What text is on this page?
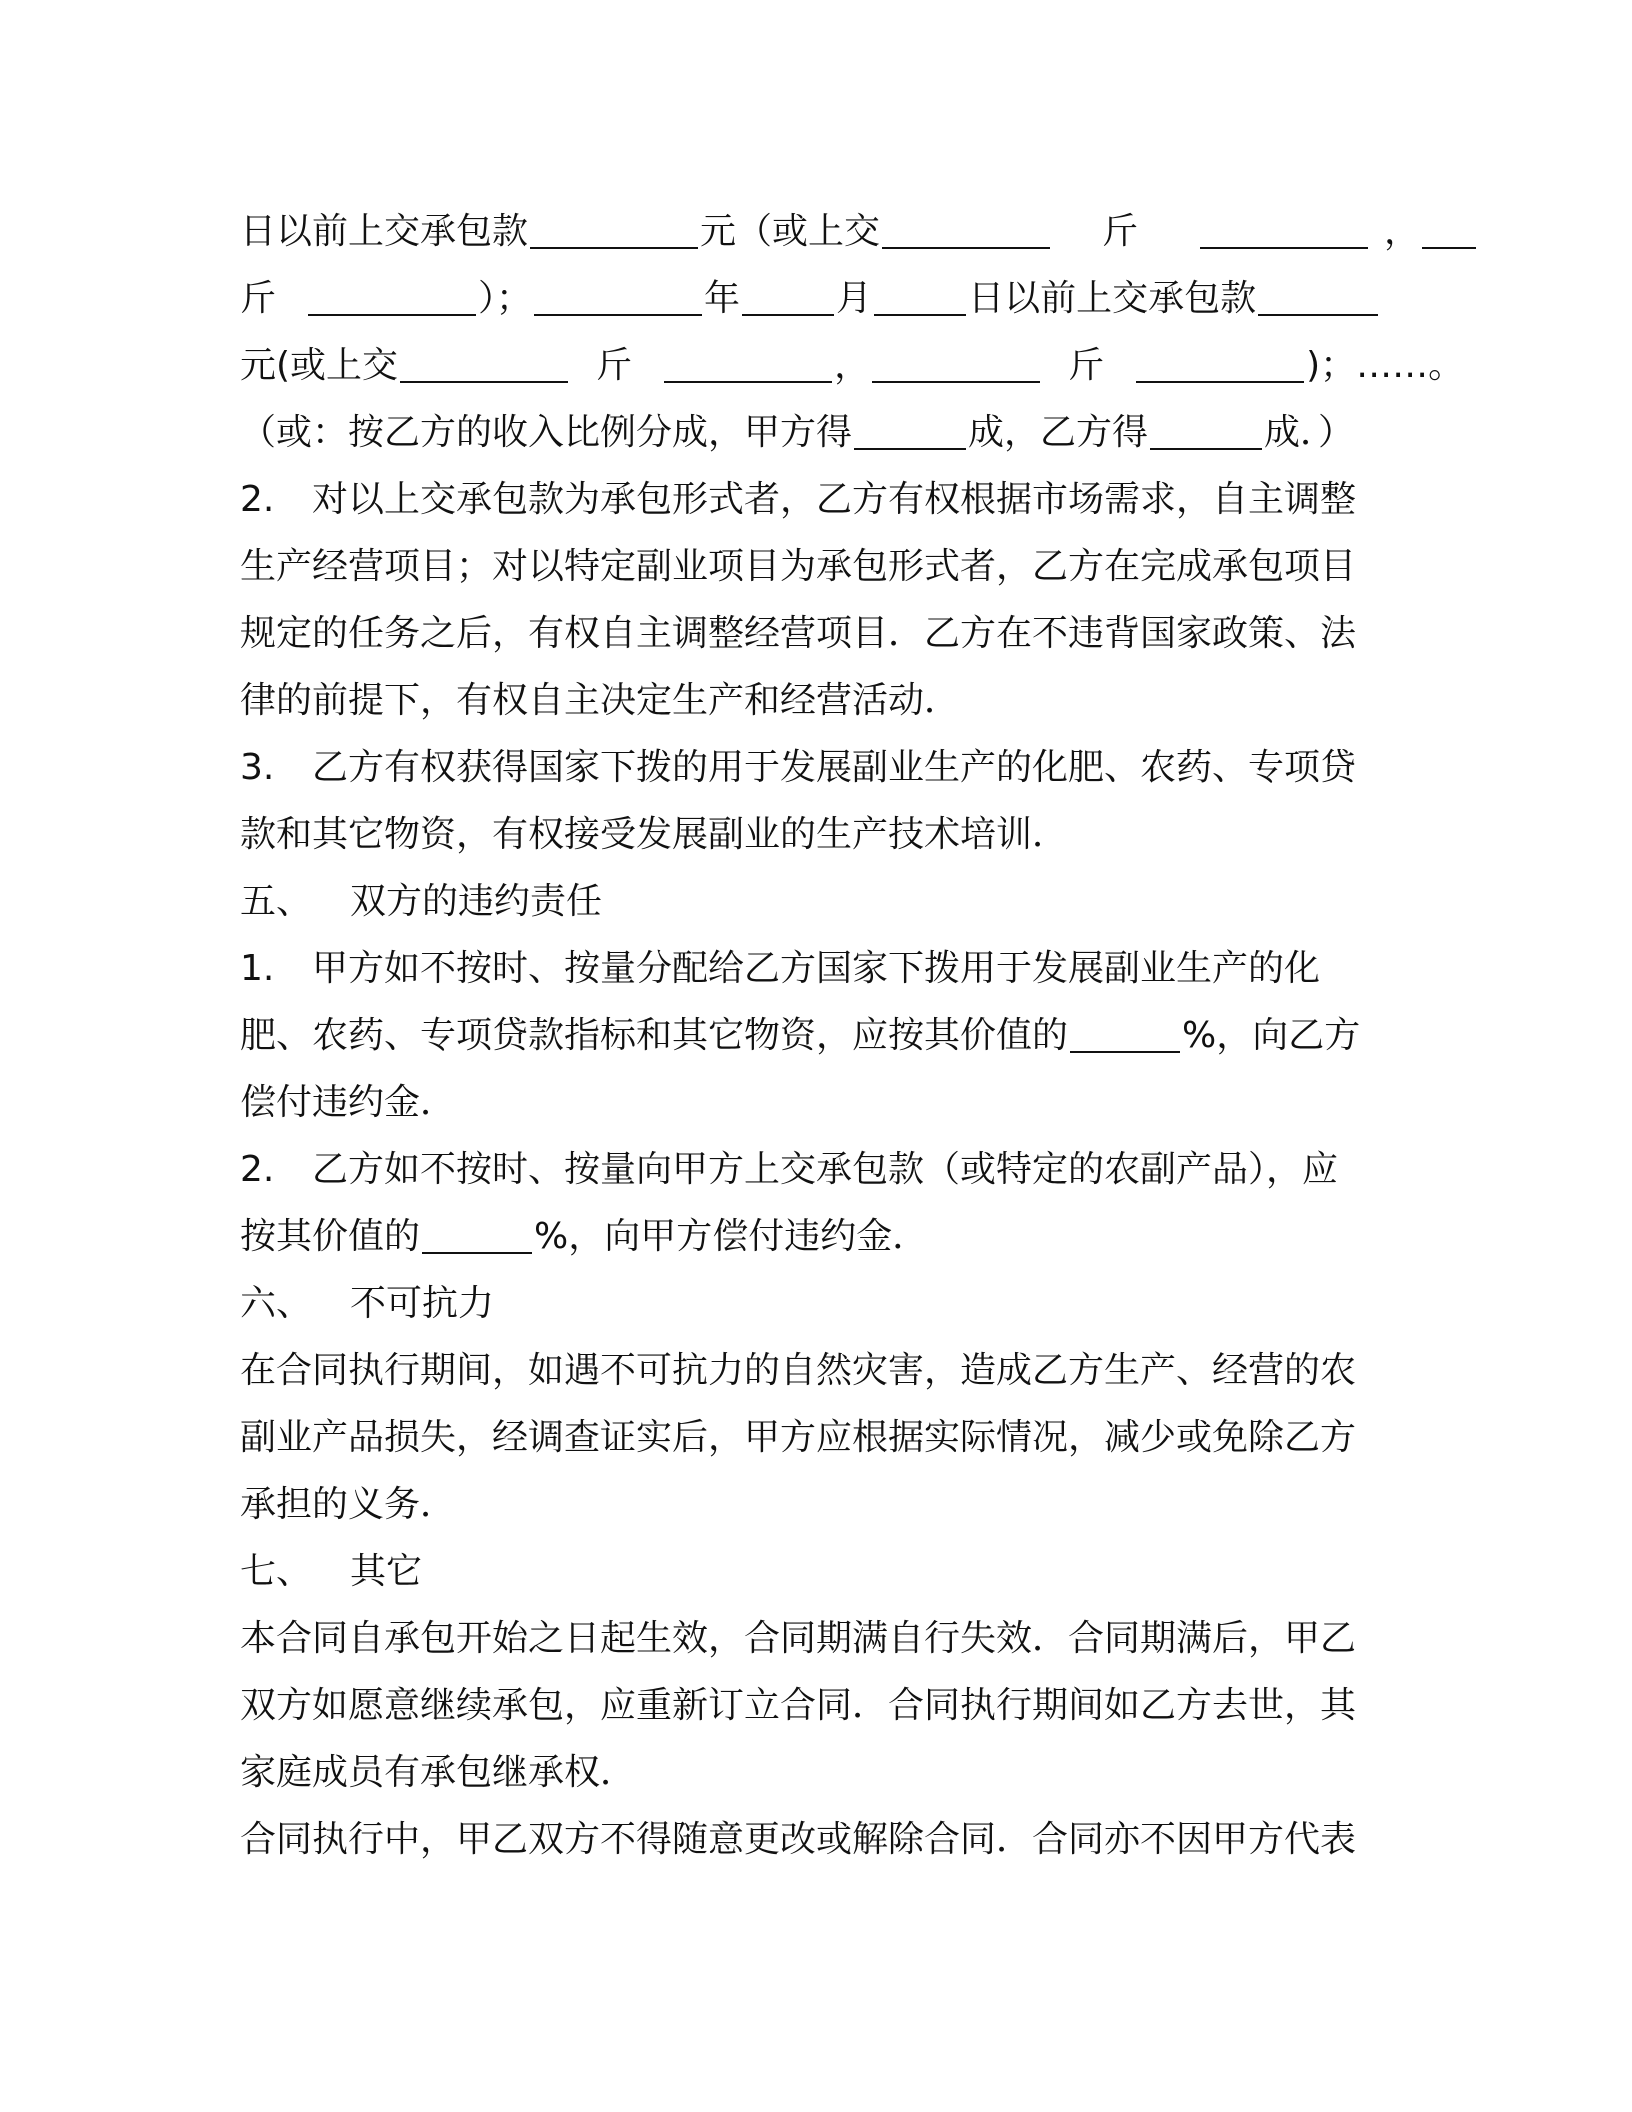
日以前上交承包款	元（或上交	斤	，
斤	）；	年	月	日以前上交承包款
元(或上交	斤	，	斤	)；……。
（或：按乙方的收入比例分成，甲方得	成，乙方得	成．）
2. 对以上交承包款为承包形式者，乙方有权根据市场需求，自主调整
生产经营项目；对以特定副业项目为承包形式者，乙方在完成承包项目
规定的任务之后，有权自主调整经营项目．乙方在不违背国家政策、法
律的前提下，有权自主决定生产和经营活动．
3. 乙方有权获得国家下拨的用于发展副业生产的化肥、农药、专项贷
款和其它物资，有权接受发展副业的生产技术培训．
五、 双方的违约责任
1. 甲方如不按时、按量分配给乙方国家下拨用于发展副业生产的化
肥、农药、专项贷款指标和其它物资，应按其价值的	%，向乙方
偿付违约金．
2. 乙方如不按时、按量向甲方上交承包款（或特定的农副产品），应
按其价值的	%，向甲方偿付违约金．
六、 不可抗力
在合同执行期间，如遇不可抗力的自然灾害，造成乙方生产、经营的农
副业产品损失，经调查证实后，甲方应根据实际情况，减少或免除乙方
承担的义务．
七、 其它
本合同自承包开始之日起生效，合同期满自行失效．合同期满后，甲乙
双方如愿意继续承包，应重新订立合同．合同执行期间如乙方去世，其
家庭成员有承包继承权．
合同执行中，甲乙双方不得随意更改或解除合同．合同亦不因甲方代表
